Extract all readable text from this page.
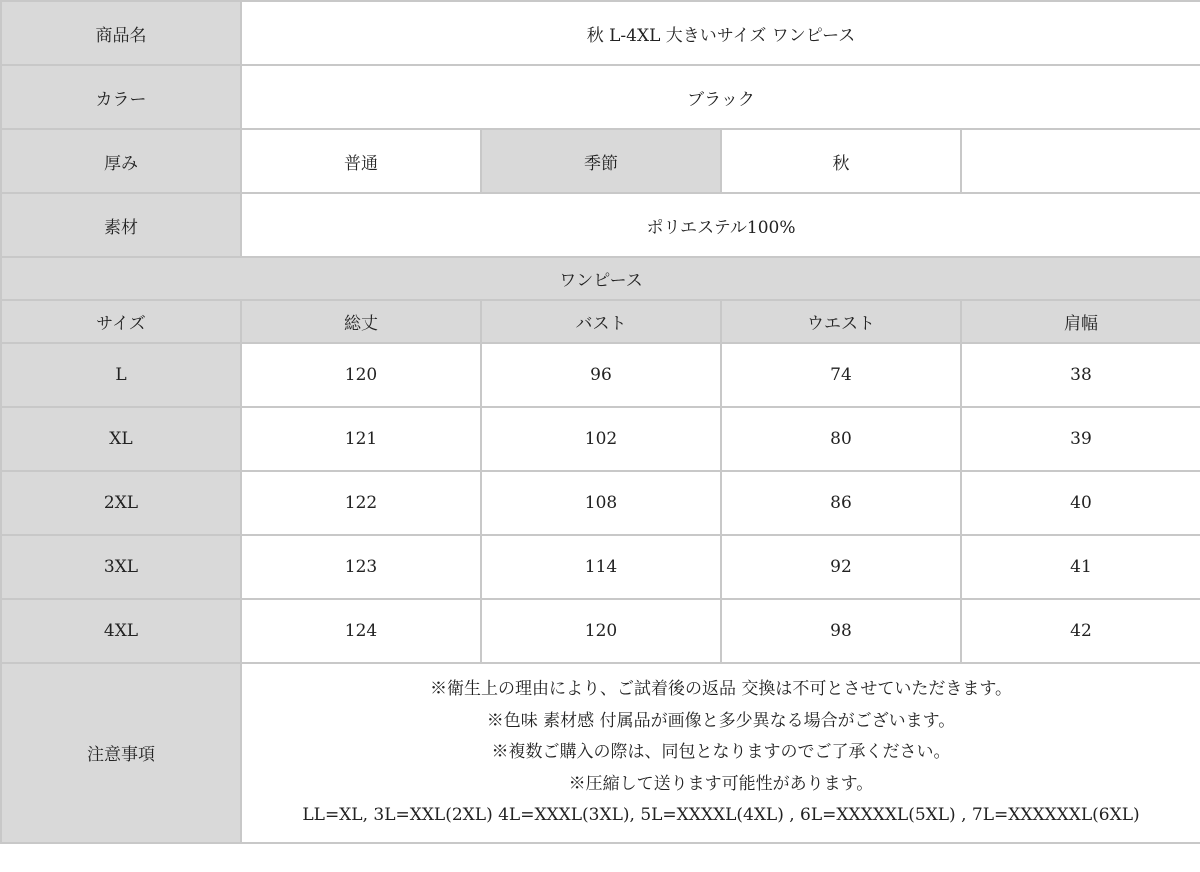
商品名	秋 L-4XL 大きいサイズ ワンピース			
カラー	ブラック			
厚み	普通	季節	秋	
素材	ポリエステル100%			
ワンピース				
サイズ	総丈	バスト	ウエスト	肩幅
L	120	96	74	38
XL	121	102	80	39
2XL	122	108	86	40
3XL	123	114	92	41
4XL	124	120	98	42
注意事項	※衛生上の理由により、ご試着後の返品 交換は不可とさせていただきます。
※色味 素材感 付属品が画像と多少異なる場合がございます。
※複数ご購入の際は、同包となりますのでご了承ください。
※圧縮して送ります可能性があります。
LL=XL, 3L=XXL(2XL) 4L=XXXL(3XL), 5L=XXXXL(4XL) , 6L=XXXXXL(5XL) , 7L=XXXXXXL(6XL)			
